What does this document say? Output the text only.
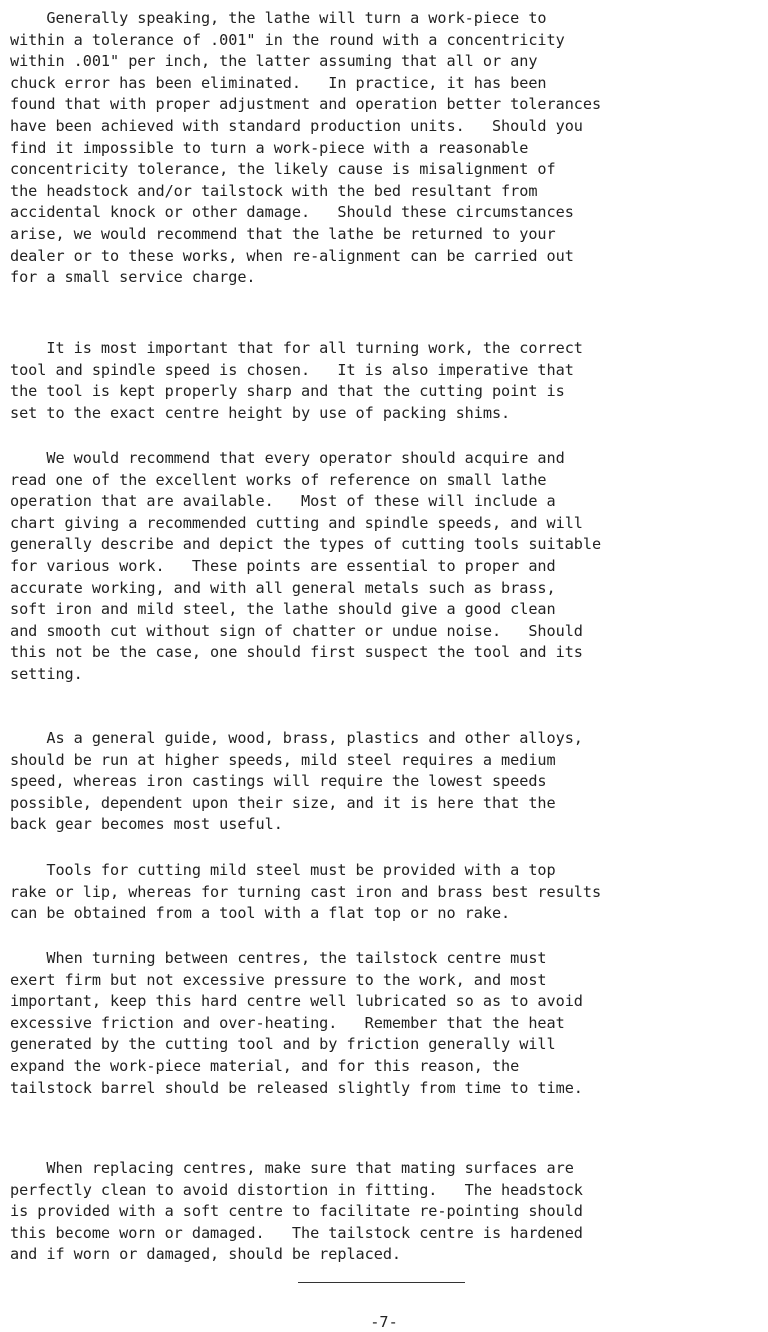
Generally speaking, the lathe will turn a work-piece to
within a tolerance of .001" in the round with a concentricity
within .001" per inch, the latter assuming that all or any
chuck error has been eliminated.   In practice, it has been
found that with proper adjustment and operation better tolerances
have been achieved with standard production units.   Should you
find it impossible to turn a work-piece with a reasonable
concentricity tolerance, the likely cause is misalignment of
the headstock and/or tailstock with the bed resultant from
accidental knock or other damage.   Should these circumstances
arise, we would recommend that the lathe be returned to your
dealer or to these works, when re-alignment can be carried out
for a small service charge.

It is most important that for all turning work, the correct
tool and spindle speed is chosen.   It is also imperative that
the tool is kept properly sharp and that the cutting point is
set to the exact centre height by use of packing shims.

We would recommend that every operator should acquire and
read one of the excellent works of reference on small lathe
operation that are available.   Most of these will include a
chart giving a recommended cutting and spindle speeds, and will
generally describe and depict the types of cutting tools suitable
for various work.   These points are essential to proper and
accurate working, and with all general metals such as brass,
soft iron and mild steel, the lathe should give a good clean
and smooth cut without sign of chatter or undue noise.   Should
this not be the case, one should first suspect the tool and its
setting.

As a general guide, wood, brass, plastics and other alloys,
should be run at higher speeds, mild steel requires a medium
speed, whereas iron castings will require the lowest speeds
possible, dependent upon their size, and it is here that the
back gear becomes most useful.

Tools for cutting mild steel must be provided with a top
rake or lip, whereas for turning cast iron and brass best results
can be obtained from a tool with a flat top or no rake.

When turning between centres, the tailstock centre must
exert firm but not excessive pressure to the work, and most
important, keep this hard centre well lubricated so as to avoid
excessive friction and over-heating.   Remember that the heat
generated by the cutting tool and by friction generally will
expand the work-piece material, and for this reason, the
tailstock barrel should be released slightly from time to time.

When replacing centres, make sure that mating surfaces are
perfectly clean to avoid distortion in fitting.   The headstock
is provided with a soft centre to facilitate re-pointing should
this become worn or damaged.   The tailstock centre is hardened
and if worn or damaged, should be replaced.

-7-
